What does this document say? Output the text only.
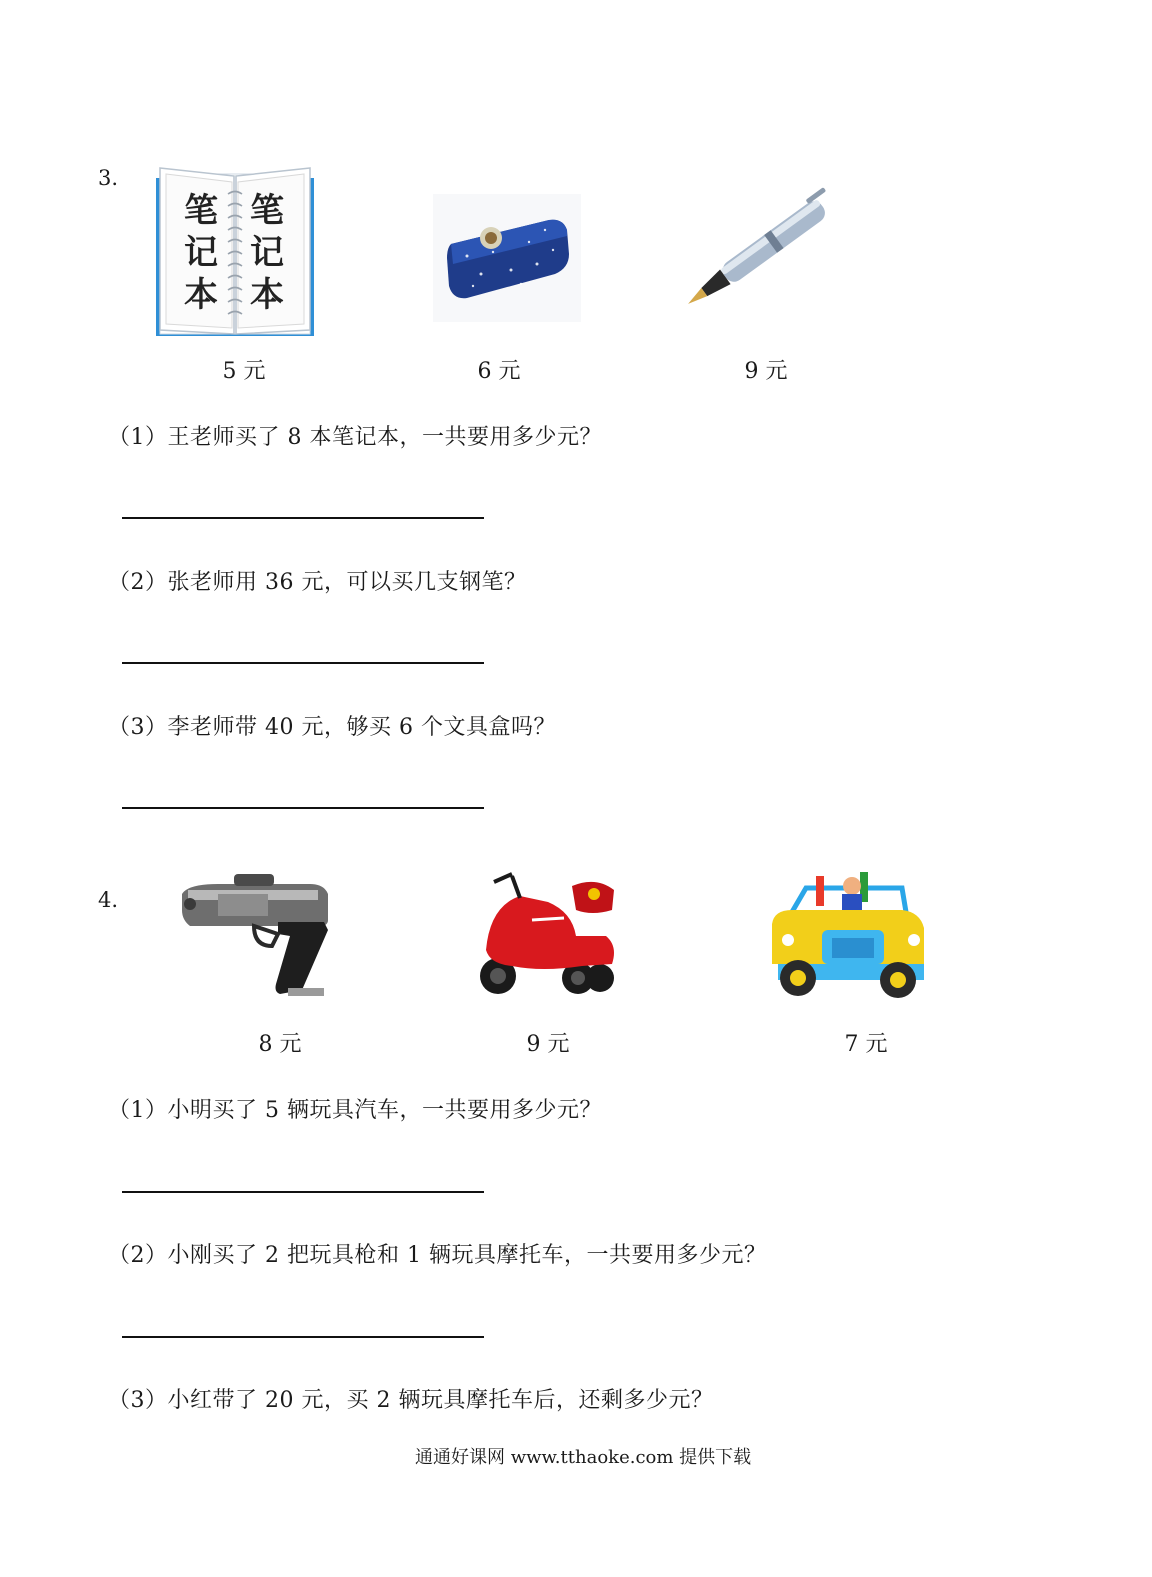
3.
笔记本
笔记本
5 元	6 元	9 元
（1）王老师买了 8 本笔记本，一共要用多少元？
（2）张老师用 36 元，可以买几支钢笔？
（3）李老师带 40 元，够买 6 个文具盒吗？
4.
8 元	9 元	7 元
（1）小明买了 5 辆玩具汽车，一共要用多少元？
（2）小刚买了 2 把玩具枪和 1 辆玩具摩托车，一共要用多少元？
（3）小红带了 20 元，买 2 辆玩具摩托车后，还剩多少元？
通通好课网 www.tthaoke.com 提供下载
